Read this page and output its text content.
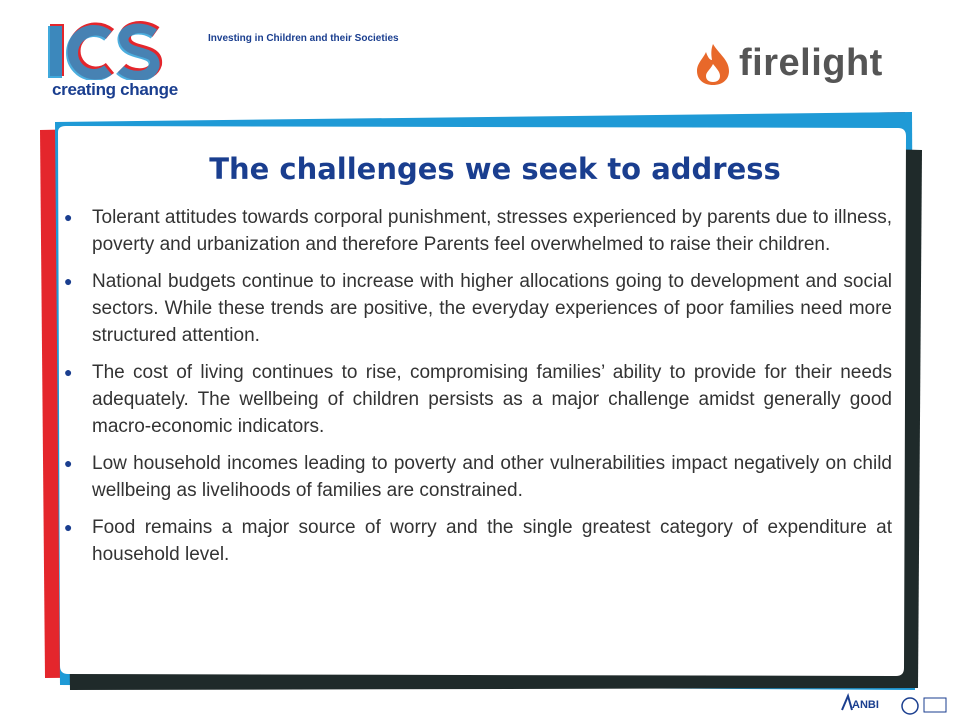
creating change
Investing in Children and their Societies
firelight
The challenges we seek to address
● Tolerant attitudes towards corporal punishment, stresses experienced by parents due to illness, poverty and urbanization and therefore Parents feel overwhelmed to raise their children.
● National budgets continue to increase with higher allocations going to development and social sectors. While these trends are positive, the everyday experiences of poor families need more structured attention.
● The cost of living continues to rise, compromising families’ ability to provide for their needs adequately. The wellbeing of children persists as a major challenge amidst generally good macro-economic indicators.
● Low household incomes leading to poverty and other vulnerabilities impact negatively on child wellbeing as livelihoods of families are constrained.
● Food remains a major source of worry and the single greatest category of expenditure at household level.
ANBI
